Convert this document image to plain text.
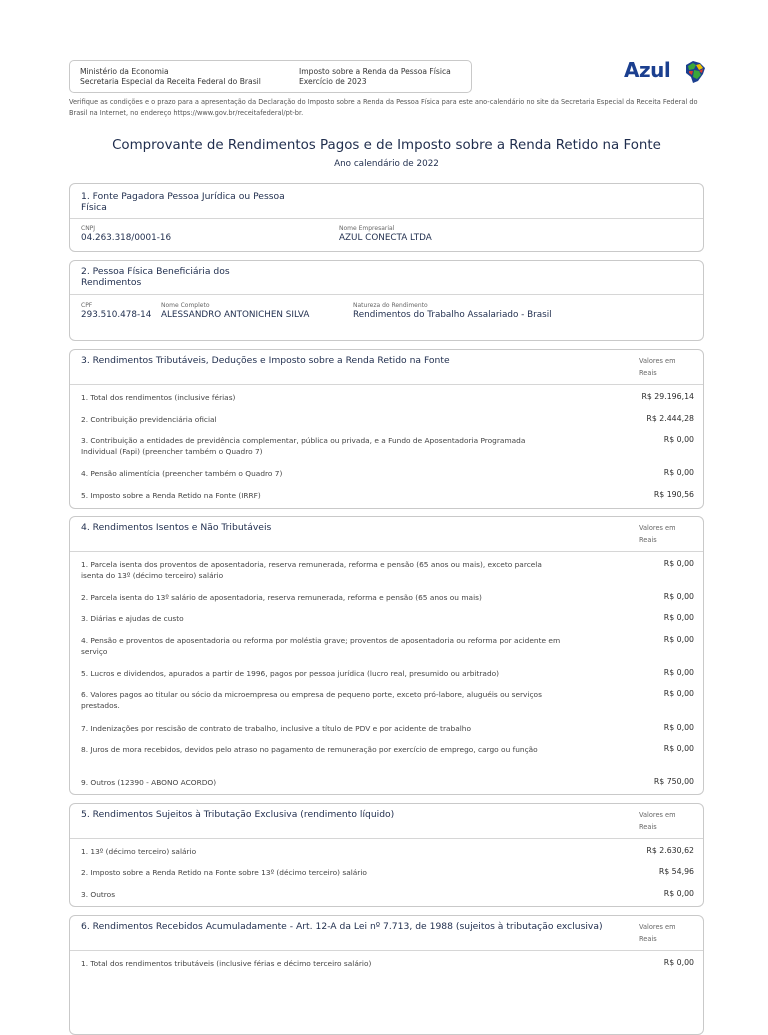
Ministério da Economia
Secretaria Especial da Receita Federal do Brasil
Imposto sobre a Renda da Pessoa Física
Exercício de 2023	Azul
Verifique as condições e o prazo para a apresentação da Declaração do Imposto sobre a Renda da Pessoa Física para este ano-calendário no site da Secretaria Especial da Receita Federal do Brasil na Internet, no endereço https://www.gov.br/receitafederal/pt-br.
Comprovante de Rendimentos Pagos e de Imposto sobre a Renda Retido na Fonte
Ano calendário de 2022
1. Fonte Pagadora Pessoa Jurídica ou Pessoa Física
CNPJ
04.263.318/0001-16
Nome Empresarial
AZUL CONECTA LTDA
2. Pessoa Física Beneficiária dos Rendimentos
CPF
293.510.478-14
Nome Completo
ALESSANDRO ANTONICHEN SILVA
Natureza do Rendimento
Rendimentos do Trabalho Assalariado - Brasil
3. Rendimentos Tributáveis, Deduções e Imposto sobre a Renda Retido na Fonte	Valores em Reais
1. Total dos rendimentos (inclusive férias)	R$ 29.196,14
2. Contribuição previdenciária oficial	R$ 2.444,28
3. Contribuição a entidades de previdência complementar, pública ou privada, e a Fundo de Aposentadoria Programada Individual (Fapi) (preencher também o Quadro 7)
R$ 0,00
4. Pensão alimentícia (preencher também o Quadro 7)	R$ 0,00
5. Imposto sobre a Renda Retido na Fonte (IRRF)	R$ 190,56
4. Rendimentos Isentos e Não Tributáveis	Valores em Reais
1. Parcela isenta dos proventos de aposentadoria, reserva remunerada, reforma e pensão (65 anos ou mais), exceto parcela isenta do 13º (décimo terceiro) salário
R$ 0,00
2. Parcela isenta do 13º salário de aposentadoria, reserva remunerada, reforma e pensão (65 anos ou mais)	R$ 0,00
3. Diárias e ajudas de custo	R$ 0,00
4. Pensão e proventos de aposentadoria ou reforma por moléstia grave; proventos de aposentadoria ou reforma por acidente em serviço
R$ 0,00
5. Lucros e dividendos, apurados a partir de 1996, pagos por pessoa jurídica (lucro real, presumido ou arbitrado)	R$ 0,00
6. Valores pagos ao titular ou sócio da microempresa ou empresa de pequeno porte, exceto pró-labore, aluguéis ou serviços prestados.
R$ 0,00
7. Indenizações por rescisão de contrato de trabalho, inclusive a título de PDV e por acidente de trabalho	R$ 0,00
8. Juros de mora recebidos, devidos pelo atraso no pagamento de remuneração por exercício de emprego, cargo ou função	R$ 0,00
9. Outros (12390 - ABONO ACORDO)	R$ 750,00
5. Rendimentos Sujeitos à Tributação Exclusiva (rendimento líquido)	Valores em Reais
1. 13º (décimo terceiro) salário	R$ 2.630,62
2. Imposto sobre a Renda Retido na Fonte sobre 13º (décimo terceiro) salário	R$ 54,96
3. Outros	R$ 0,00
6. Rendimentos Recebidos Acumuladamente - Art. 12-A da Lei nº 7.713, de 1988 (sujeitos à tributação exclusiva)	Valores em Reais
1. Total dos rendimentos tributáveis (inclusive férias e décimo terceiro salário)	R$ 0,00
